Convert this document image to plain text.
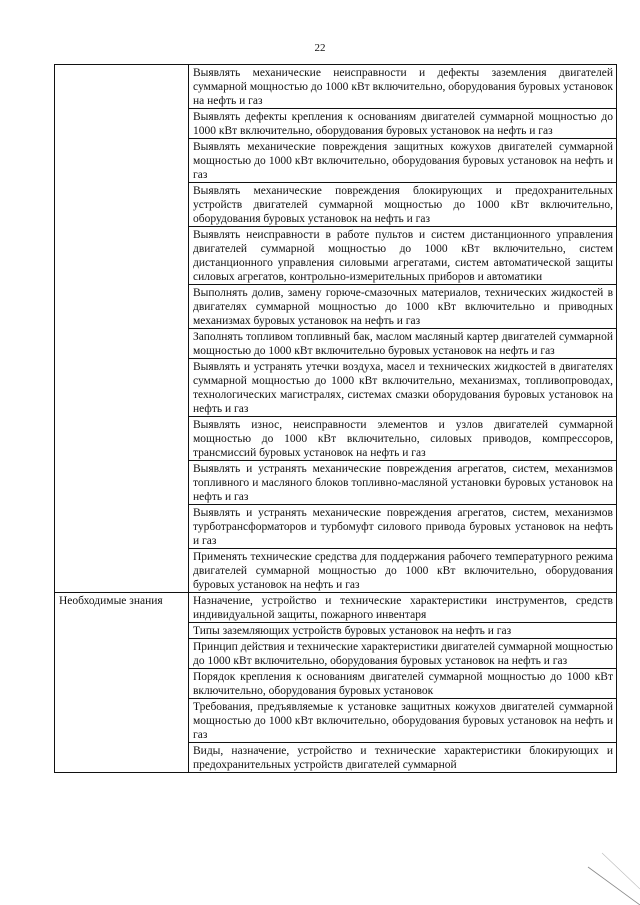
22
	Выявлять механические неисправности и дефекты заземления двигателей суммарной мощностью до 1000 кВт включительно, оборудования буровых установок на нефть и газ
	Выявлять дефекты крепления к основаниям двигателей суммарной мощностью до 1000 кВт включительно, оборудования буровых установок на нефть и газ
	Выявлять механические повреждения защитных кожухов двигателей суммарной мощностью до 1000 кВт включительно, оборудования буровых установок на нефть и газ
	Выявлять механические повреждения блокирующих и предохранительных устройств двигателей суммарной мощностью до 1000 кВт включительно, оборудования буровых установок на нефть и газ
	Выявлять неисправности в работе пультов и систем дистанционного управления двигателей суммарной мощностью до 1000 кВт включительно, систем дистанционного управления силовыми агрегатами, систем автоматической защиты силовых агрегатов, контрольно-измерительных приборов и автоматики
	Выполнять долив, замену горюче-смазочных материалов, технических жидкостей в двигателях суммарной мощностью до 1000 кВт включительно и приводных механизмах буровых установок на нефть и газ
	Заполнять топливом топливный бак, маслом масляный картер двигателей суммарной мощностью до 1000 кВт включительно буровых установок на нефть и газ
	Выявлять и устранять утечки воздуха, масел и технических жидкостей в двигателях суммарной мощностью до 1000 кВт включительно, механизмах, топливопроводах, технологических магистралях, системах смазки оборудования буровых установок на нефть и газ
	Выявлять износ, неисправности элементов и узлов двигателей суммарной мощностью до 1000 кВт включительно, силовых приводов, компрессоров, трансмиссий буровых установок на нефть и газ
	Выявлять и устранять механические повреждения агрегатов, систем, механизмов топливного и масляного блоков топливно-масляной установки буровых установок на нефть и газ
	Выявлять и устранять механические повреждения агрегатов, систем, механизмов турботрансформаторов и турбомуфт силового привода буровых установок на нефть и газ
	Применять технические средства для поддержания рабочего температурного режима двигателей суммарной мощностью до 1000 кВт включительно, оборудования буровых установок на нефть и газ
Необходимые знания	Назначение, устройство и технические характеристики инструментов, средств индивидуальной защиты, пожарного инвентаря
	Типы заземляющих устройств буровых установок на нефть и газ
	Принцип действия и технические характеристики двигателей суммарной мощностью до 1000 кВт включительно, оборудования буровых установок на нефть и газ
	Порядок крепления к основаниям двигателей суммарной мощностью до 1000 кВт включительно, оборудования буровых установок
	Требования, предъявляемые к установке защитных кожухов двигателей суммарной мощностью до 1000 кВт включительно, оборудования буровых установок на нефть и газ
	Виды, назначение, устройство и технические характеристики блокирующих и предохранительных устройств двигателей суммарной
